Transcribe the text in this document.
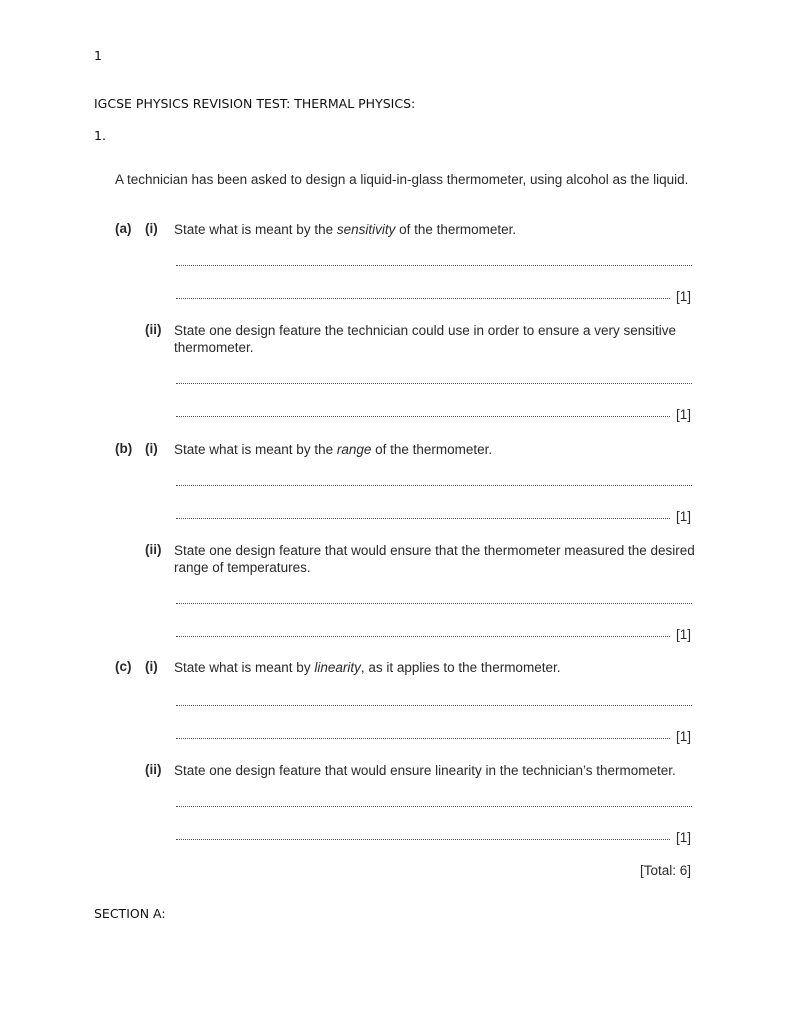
1
IGCSE PHYSICS REVISION TEST: THERMAL PHYSICS:
1.
A technician has been asked to design a liquid-in-glass thermometer, using alcohol as the liquid.
(a) (i) State what is meant by the sensitivity of the thermometer.
[1]
(ii) State one design feature the technician could use in order to ensure a very sensitive thermometer.
[1]
(b) (i) State what is meant by the range of the thermometer.
[1]
(ii) State one design feature that would ensure that the thermometer measured the desired range of temperatures.
[1]
(c) (i) State what is meant by linearity, as it applies to the thermometer.
[1]
(ii) State one design feature that would ensure linearity in the technician’s thermometer.
[1]
[Total: 6]
SECTION A:
